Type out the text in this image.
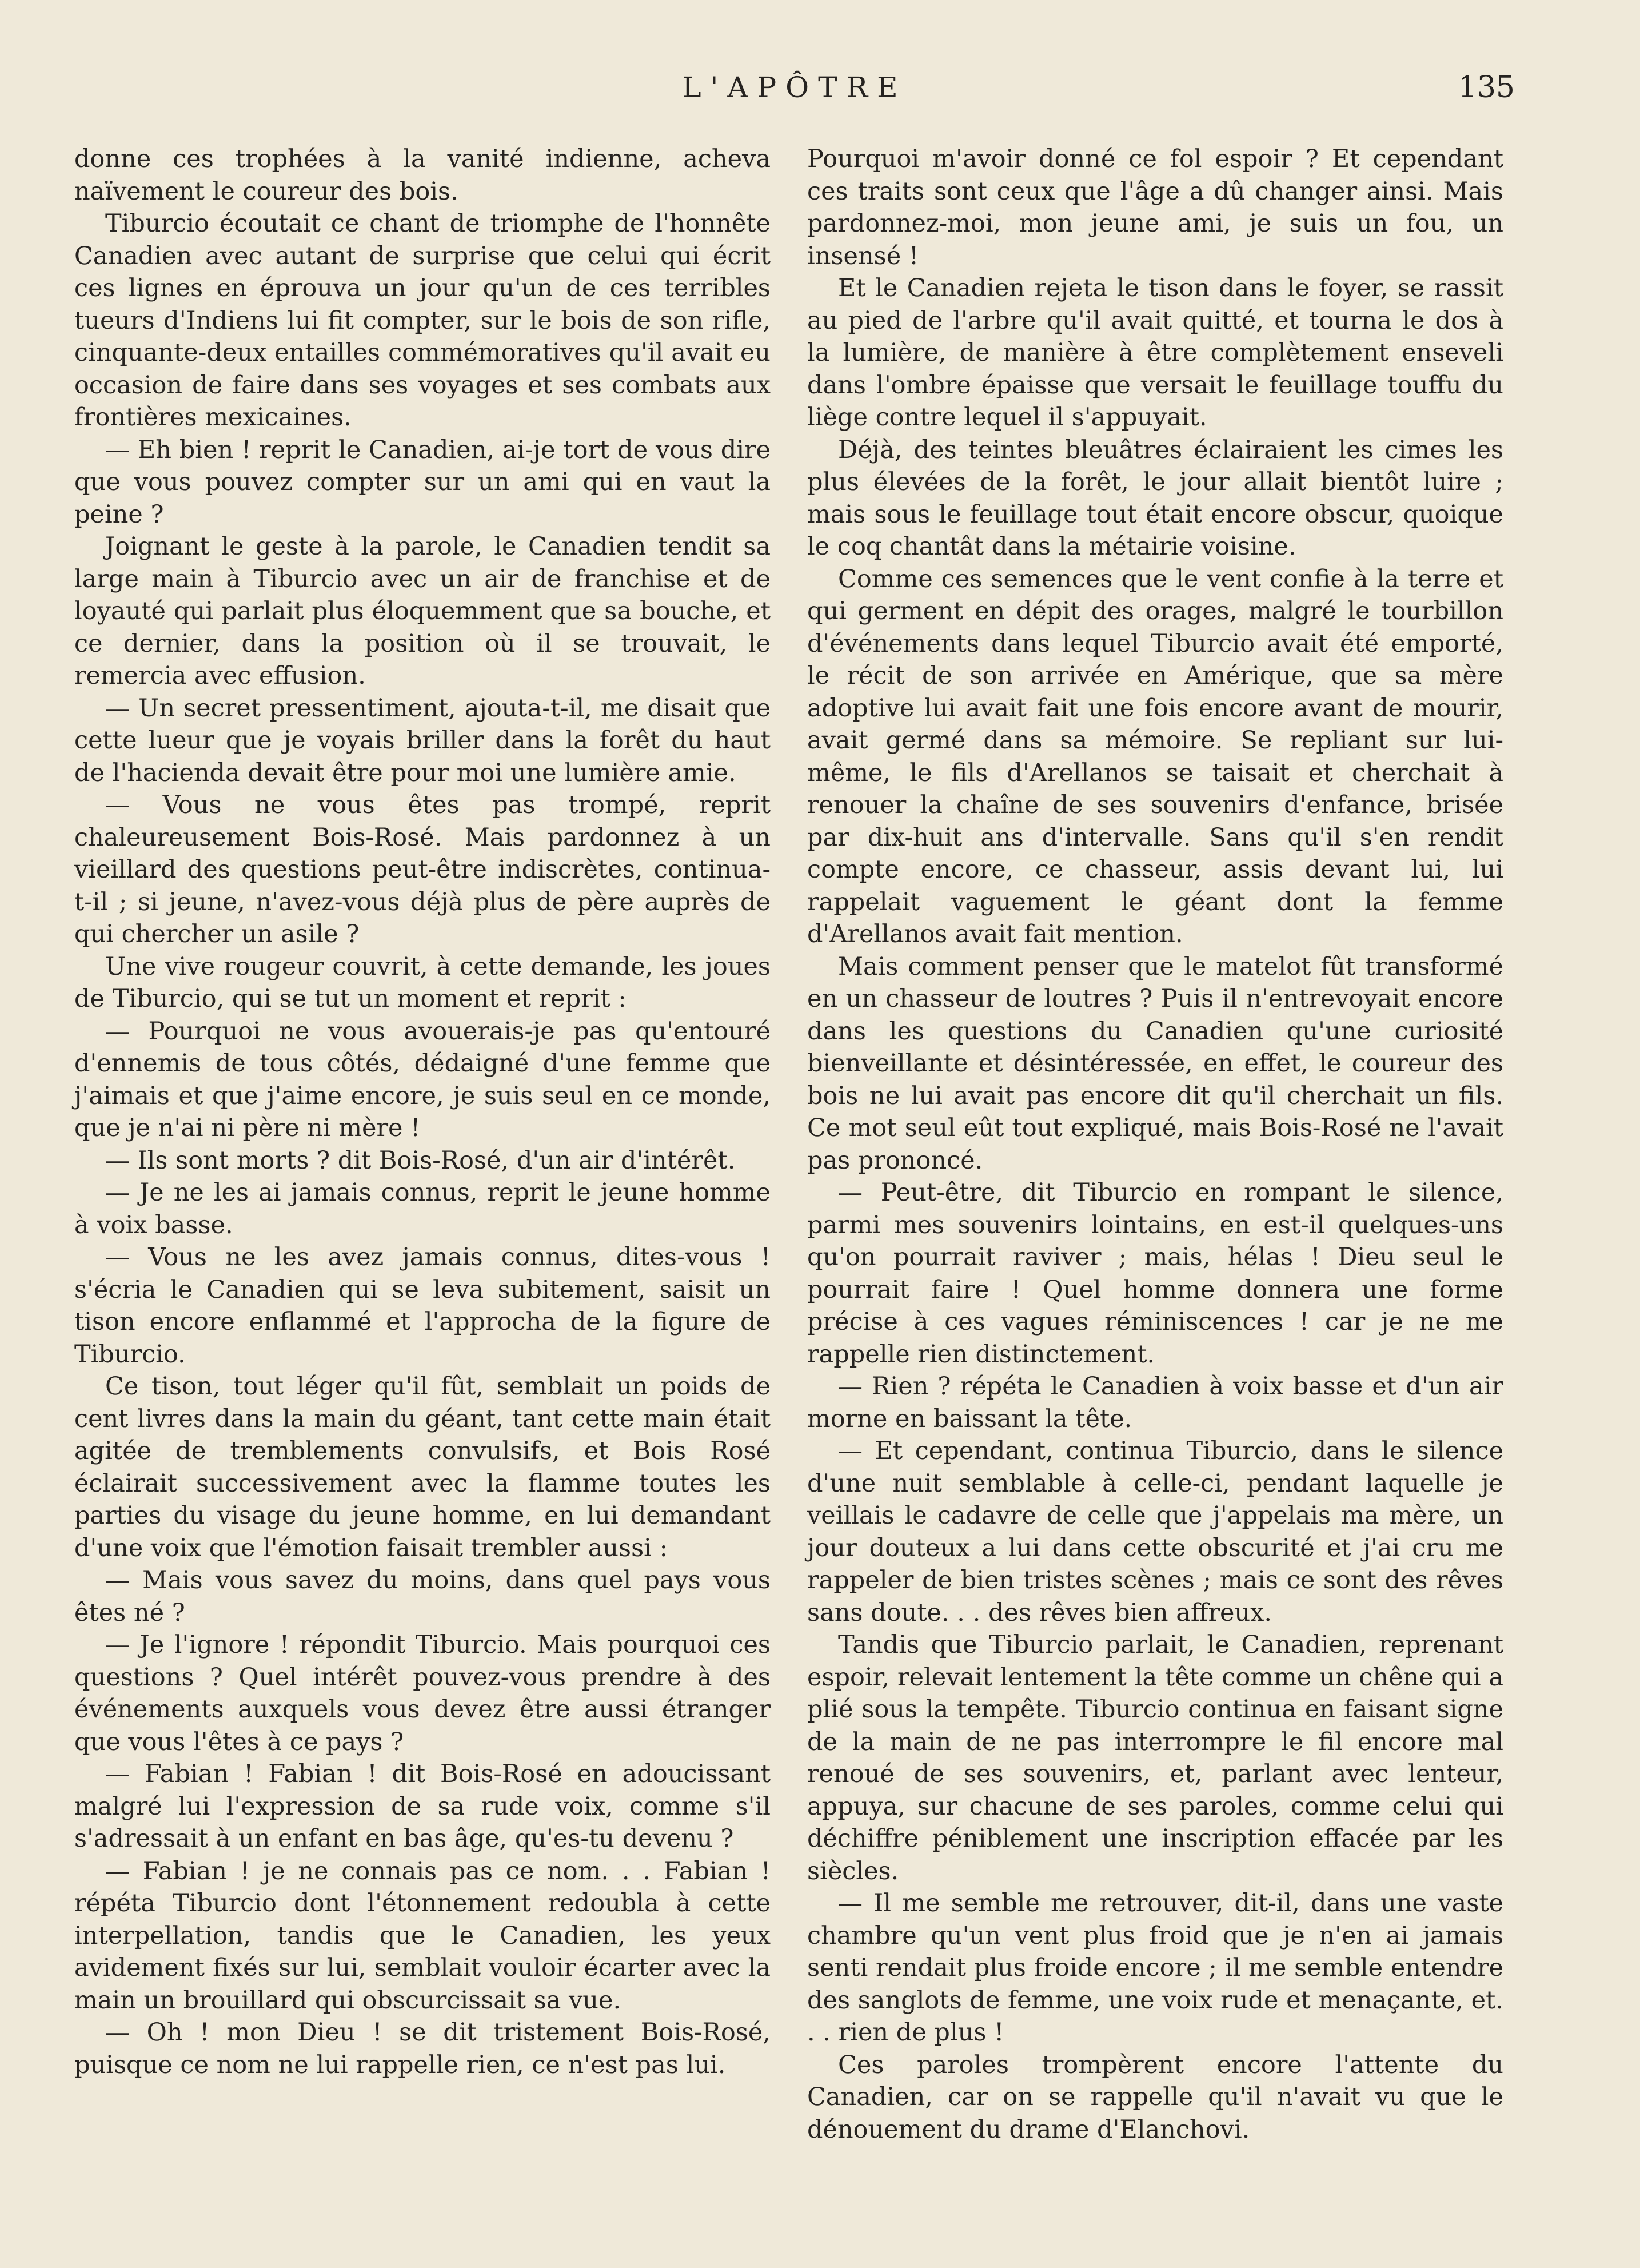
L'APÔTRE	135

donne ces trophées à la vanité indienne, acheva naïvement le coureur des bois.

Tiburcio écoutait ce chant de triomphe de l'honnête Canadien avec autant de surprise que celui qui écrit ces lignes en éprouva un jour qu'un de ces terribles tueurs d'Indiens lui fit compter, sur le bois de son rifle, cinquante-deux entailles commémoratives qu'il avait eu occasion de faire dans ses voyages et ses combats aux frontières mexicaines.

— Eh bien ! reprit le Canadien, ai-je tort de vous dire que vous pouvez compter sur un ami qui en vaut la peine ?

Joignant le geste à la parole, le Canadien tendit sa large main à Tiburcio avec un air de franchise et de loyauté qui parlait plus éloquemment que sa bouche, et ce dernier, dans la position où il se trouvait, le remercia avec effusion.

— Un secret pressentiment, ajouta-t-il, me disait que cette lueur que je voyais briller dans la forêt du haut de l'hacienda devait être pour moi une lumière amie.

— Vous ne vous êtes pas trompé, reprit chaleureusement Bois-Rosé. Mais pardonnez à un vieillard des questions peut-être indiscrètes, continua-t-il ; si jeune, n'avez-vous déjà plus de père auprès de qui chercher un asile ?

Une vive rougeur couvrit, à cette demande, les joues de Tiburcio, qui se tut un moment et reprit :

— Pourquoi ne vous avouerais-je pas qu'entouré d'ennemis de tous côtés, dédaigné d'une femme que j'aimais et que j'aime encore, je suis seul en ce monde, que je n'ai ni père ni mère !

— Ils sont morts ? dit Bois-Rosé, d'un air d'intérêt.

— Je ne les ai jamais connus, reprit le jeune homme à voix basse.

— Vous ne les avez jamais connus, dites-vous ! s'écria le Canadien qui se leva subitement, saisit un tison encore enflammé et l'approcha de la figure de Tiburcio.

Ce tison, tout léger qu'il fût, semblait un poids de cent livres dans la main du géant, tant cette main était agitée de tremblements convulsifs, et Bois Rosé éclairait successivement avec la flamme toutes les parties du visage du jeune homme, en lui demandant d'une voix que l'émotion faisait trembler aussi :

— Mais vous savez du moins, dans quel pays vous êtes né ?

— Je l'ignore ! répondit Tiburcio. Mais pourquoi ces questions ? Quel intérêt pouvez-vous prendre à des événements auxquels vous devez être aussi étranger que vous l'êtes à ce pays ?

— Fabian ! Fabian ! dit Bois-Rosé en adoucissant malgré lui l'expression de sa rude voix, comme s'il s'adressait à un enfant en bas âge, qu'es-tu devenu ?

— Fabian ! je ne connais pas ce nom. . . Fabian ! répéta Tiburcio dont l'étonnement redoubla à cette interpellation, tandis que le Canadien, les yeux avidement fixés sur lui, semblait vouloir écarter avec la main un brouillard qui obscurcissait sa vue.

— Oh ! mon Dieu ! se dit tristement Bois-Rosé, puisque ce nom ne lui rappelle rien, ce n'est pas lui.

Pourquoi m'avoir donné ce fol espoir ? Et cependant ces traits sont ceux que l'âge a dû changer ainsi. Mais pardonnez-moi, mon jeune ami, je suis un fou, un insensé !

Et le Canadien rejeta le tison dans le foyer, se rassit au pied de l'arbre qu'il avait quitté, et tourna le dos à la lumière, de manière à être complètement enseveli dans l'ombre épaisse que versait le feuillage touffu du liège contre lequel il s'appuyait.

Déjà, des teintes bleuâtres éclairaient les cimes les plus élevées de la forêt, le jour allait bientôt luire ; mais sous le feuillage tout était encore obscur, quoique le coq chantât dans la métairie voisine.

Comme ces semences que le vent confie à la terre et qui germent en dépit des orages, malgré le tourbillon d'événements dans lequel Tiburcio avait été emporté, le récit de son arrivée en Amérique, que sa mère adoptive lui avait fait une fois encore avant de mourir, avait germé dans sa mémoire. Se repliant sur lui-même, le fils d'Arellanos se taisait et cherchait à renouer la chaîne de ses souvenirs d'enfance, brisée par dix-huit ans d'intervalle. Sans qu'il s'en rendit compte encore, ce chasseur, assis devant lui, lui rappelait vaguement le géant dont la femme d'Arellanos avait fait mention.

Mais comment penser que le matelot fût transformé en un chasseur de loutres ? Puis il n'entrevoyait encore dans les questions du Canadien qu'une curiosité bienveillante et désintéressée, en effet, le coureur des bois ne lui avait pas encore dit qu'il cherchait un fils. Ce mot seul eût tout expliqué, mais Bois-Rosé ne l'avait pas prononcé.

— Peut-être, dit Tiburcio en rompant le silence, parmi mes souvenirs lointains, en est-il quelques-uns qu'on pourrait raviver ; mais, hélas ! Dieu seul le pourrait faire ! Quel homme donnera une forme précise à ces vagues réminiscences ! car je ne me rappelle rien distinctement.

— Rien ? répéta le Canadien à voix basse et d'un air morne en baissant la tête.

— Et cependant, continua Tiburcio, dans le silence d'une nuit semblable à celle-ci, pendant laquelle je veillais le cadavre de celle que j'appelais ma mère, un jour douteux a lui dans cette obscurité et j'ai cru me rappeler de bien tristes scènes ; mais ce sont des rêves sans doute. . . des rêves bien affreux.

Tandis que Tiburcio parlait, le Canadien, reprenant espoir, relevait lentement la tête comme un chêne qui a plié sous la tempête. Tiburcio continua en faisant signe de la main de ne pas interrompre le fil encore mal renoué de ses souvenirs, et, parlant avec lenteur, appuya, sur chacune de ses paroles, comme celui qui déchiffre péniblement une inscription effacée par les siècles.

— Il me semble me retrouver, dit-il, dans une vaste chambre qu'un vent plus froid que je n'en ai jamais senti rendait plus froide encore ; il me semble entendre des sanglots de femme, une voix rude et menaçante, et. . . rien de plus !

Ces paroles trompèrent encore l'attente du Canadien, car on se rappelle qu'il n'avait vu que le dénouement du drame d'Elanchovi.
